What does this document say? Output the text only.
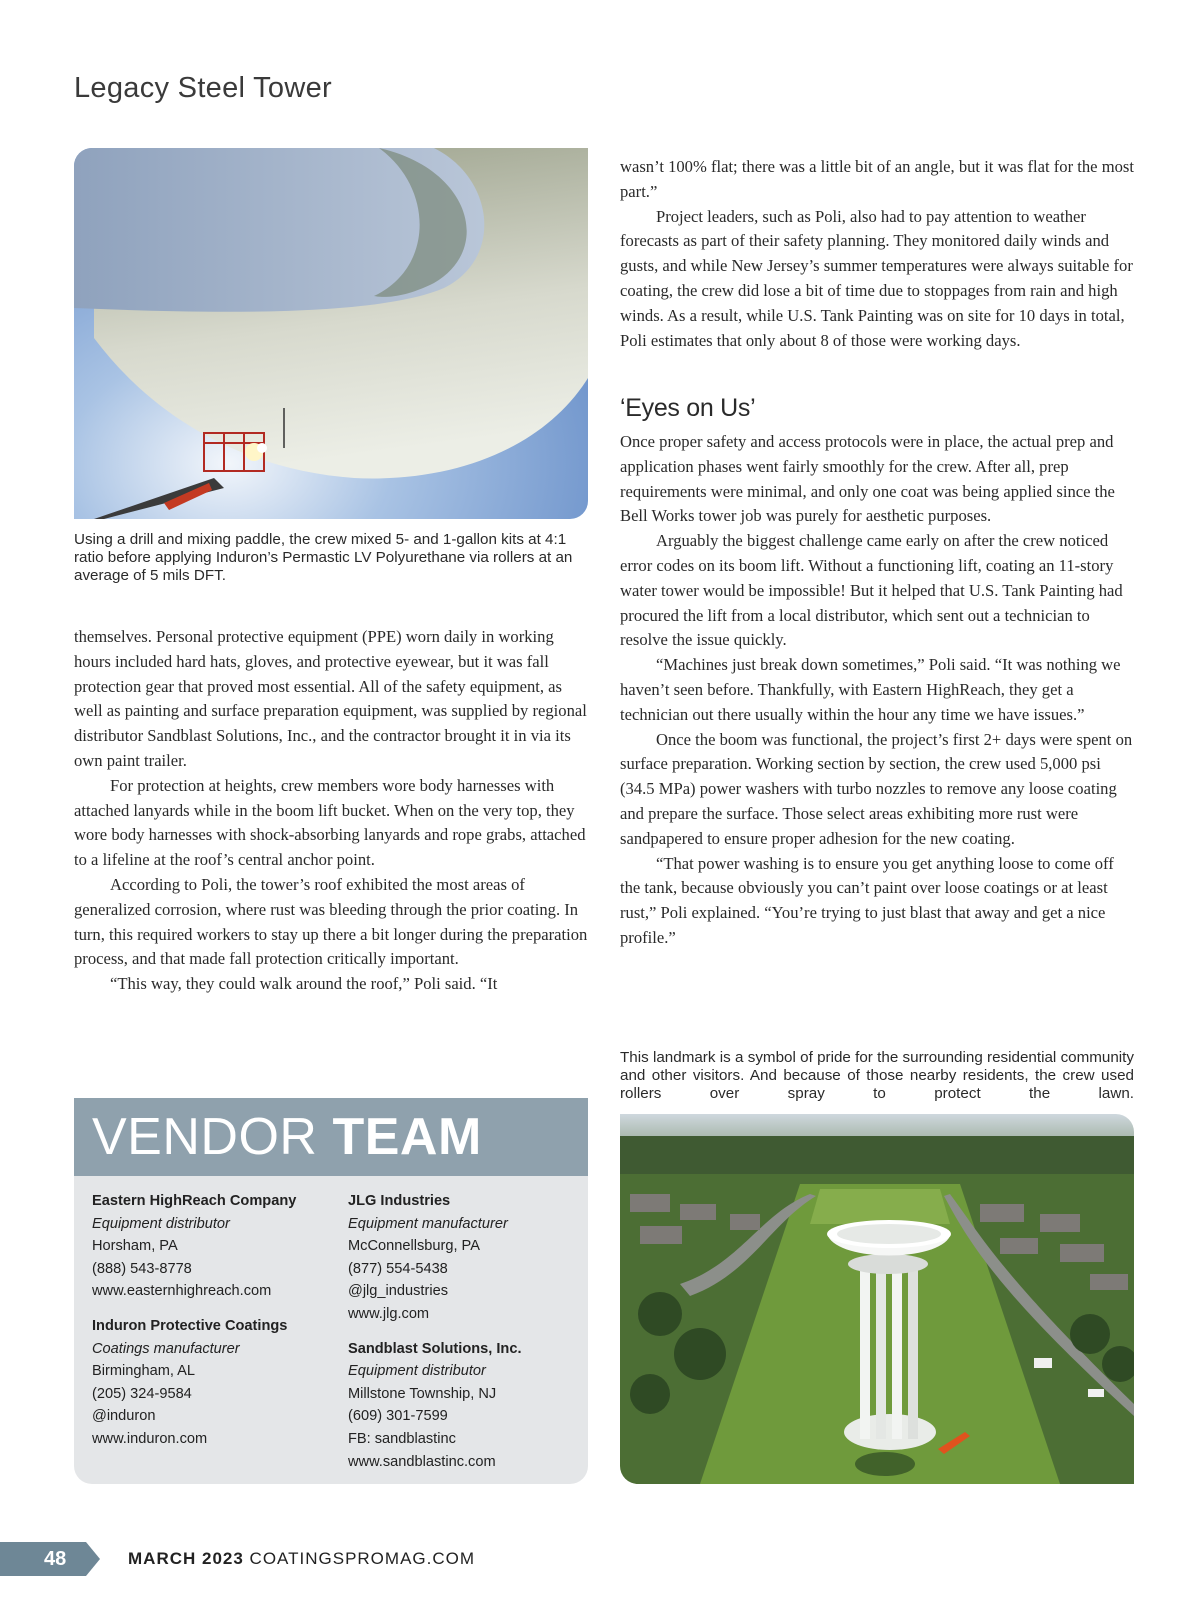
Legacy Steel Tower

Using a drill and mixing paddle, the crew mixed 5- and 1-gallon kits at 4:1 ratio before applying Induron’s Permastic LV Polyurethane via rollers at an average of 5 mils DFT.

themselves. Personal protective equipment (PPE) worn daily in working hours included hard hats, gloves, and protective eyewear, but it was fall protection gear that proved most essential. All of the safety equipment, as well as painting and surface preparation equipment, was supplied by regional distributor Sandblast Solutions, Inc., and the contractor brought it in via its own paint trailer.

For protection at heights, crew members wore body harnesses with attached lanyards while in the boom lift bucket. When on the very top, they wore body harnesses with shock-absorbing lanyards and rope grabs, attached to a lifeline at the roof’s central anchor point.

According to Poli, the tower’s roof exhibited the most areas of generalized corrosion, where rust was bleeding through the prior coating. In turn, this required workers to stay up there a bit longer during the preparation process, and that made fall protection critically important.

“This way, they could walk around the roof,” Poli said. “It

wasn’t 100% flat; there was a little bit of an angle, but it was flat for the most part.”

Project leaders, such as Poli, also had to pay attention to weather forecasts as part of their safety planning. They monitored daily winds and gusts, and while New Jersey’s summer temperatures were always suitable for coating, the crew did lose a bit of time due to stoppages from rain and high winds. As a result, while U.S. Tank Painting was on site for 10 days in total, Poli estimates that only about 8 of those were working days.

‘Eyes on Us’

Once proper safety and access protocols were in place, the actual prep and application phases went fairly smoothly for the crew. After all, prep requirements were minimal, and only one coat was being applied since the Bell Works tower job was purely for aesthetic purposes.

Arguably the biggest challenge came early on after the crew noticed error codes on its boom lift. Without a functioning lift, coating an 11-story water tower would be impossible! But it helped that U.S. Tank Painting had procured the lift from a local distributor, which sent out a technician to resolve the issue quickly.

“Machines just break down sometimes,” Poli said. “It was nothing we haven’t seen before. Thankfully, with Eastern HighReach, they get a technician out there usually within the hour any time we have issues.”

Once the boom was functional, the project’s first 2+ days were spent on surface preparation. Working section by section, the crew used 5,000 psi (34.5 MPa) power washers with turbo nozzles to remove any loose coating and prepare the surface. Those select areas exhibiting more rust were sandpapered to ensure proper adhesion for the new coating.

“That power washing is to ensure you get anything loose to come off the tank, because obviously you can’t paint over loose coatings or at least rust,” Poli explained. “You’re trying to just blast that away and get a nice profile.”

This landmark is a symbol of pride for the surrounding residential community and other visitors. And because of those nearby residents, the crew used rollers over spray to protect the lawn.

VENDOR TEAM
Eastern HighReach Company
Equipment distributor
Horsham, PA
(888) 543-8778
www.easternhighreach.com
Induron Protective Coatings
Coatings manufacturer
Birmingham, AL
(205) 324-9584
@induron
www.induron.com
JLG Industries
Equipment manufacturer
McConnellsburg, PA
(877) 554-5438
@jlg_industries
www.jlg.com
Sandblast Solutions, Inc.
Equipment distributor
Millstone Township, NJ
(609) 301-7599
FB: sandblastinc
www.sandblastinc.com
48	MARCH 2023 COATINGSPROMAG.COM
